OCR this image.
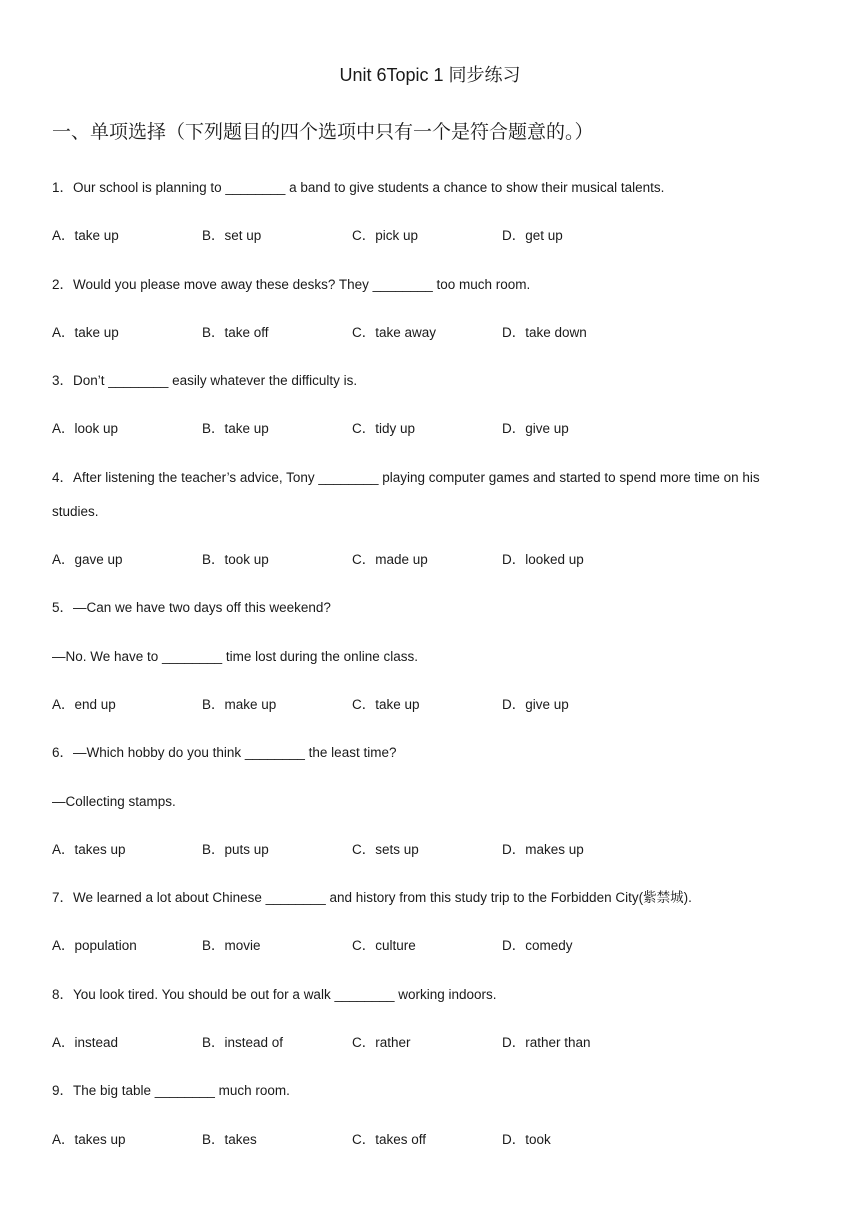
Unit 6Topic 1 同步练习
一、单项选择（下列题目的四个选项中只有一个是符合题意的。）
1．Our school is planning to ________ a band to give students a chance to show their musical talents.
A．take up	B．set up	C．pick up	D．get up
2．Would you please move away these desks? They ________ too much room.
A．take up	B．take off	C．take away	D．take down
3．Don’t ________ easily whatever the difficulty is.
A．look up	B．take up	C．tidy up	D．give up
4．After listening the teacher’s advice, Tony ________ playing computer games and started to spend more time on his
studies.
A．gave up	B．took up	C．made up	D．looked up
5．—Can we have two days off this weekend?
—No. We have to ________ time lost during the online class.
A．end up	B．make up	C．take up	D．give up
6．—Which hobby do you think ________ the least time?
—Collecting stamps.
A．takes up	B．puts up	C．sets up	D．makes up
7．We learned a lot about Chinese ________ and history from this study trip to the Forbidden City(紫禁城).
A．population	B．movie	C．culture	D．comedy
8．You look tired. You should be out for a walk ________ working indoors.
A．instead	B．instead of	C．rather	D．rather than
9．The big table ________ much room.
A．takes up	B．takes	C．takes off	D．took
